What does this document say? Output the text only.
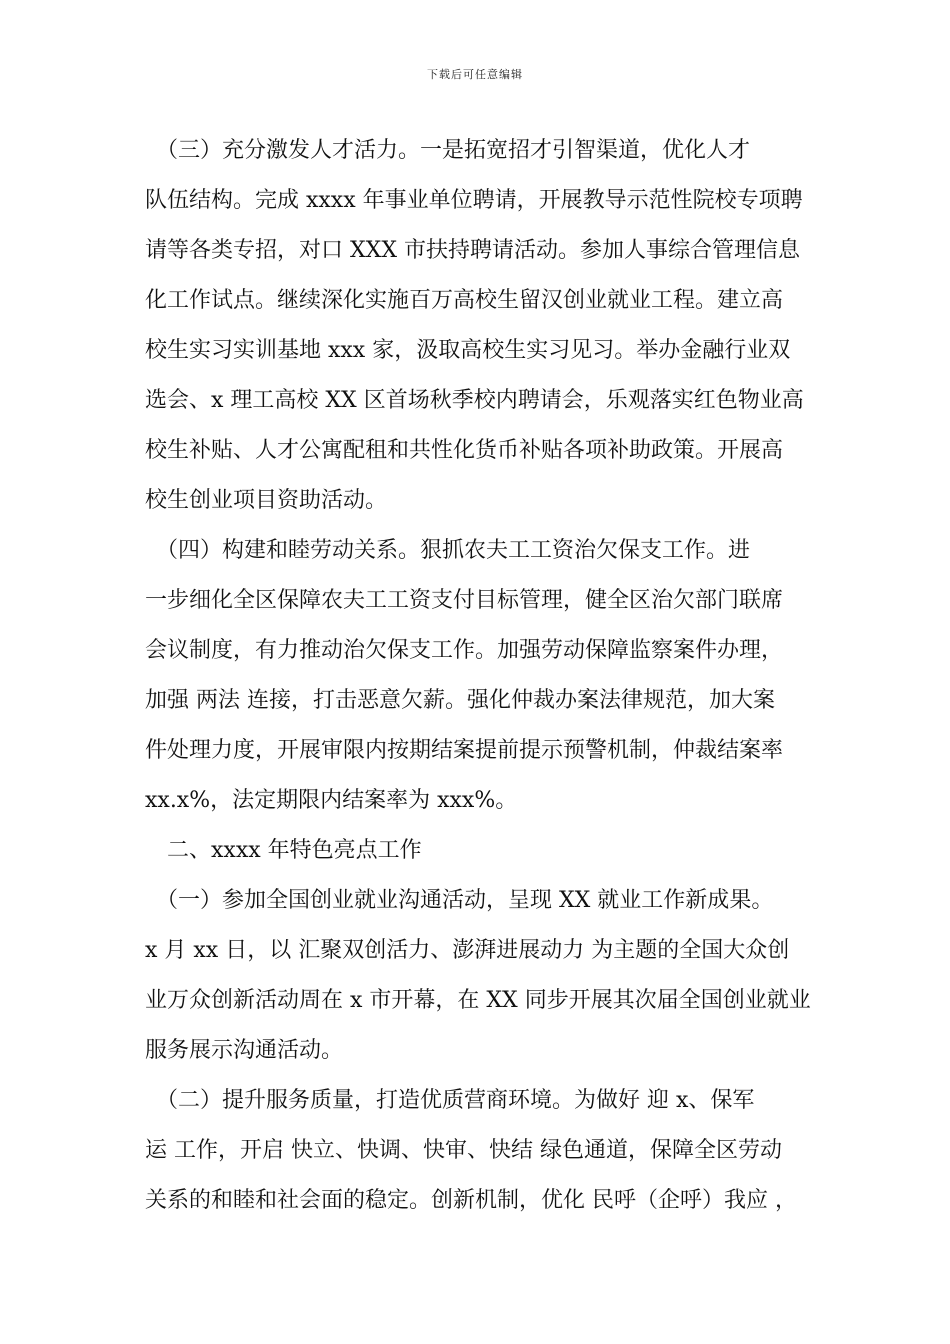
下载后可任意编辑
　（三）充分激发人才活力。一是拓宽招才引智渠道，优化人才
队伍结构。完成 xxxx 年事业单位聘请，开展教导示范性院校专项聘
请等各类专招，对口 XXX 市扶持聘请活动。参加人事综合管理信息
化工作试点。继续深化实施百万高校生留汉创业就业工程。建立高
校生实习实训基地 xxx 家，汲取高校生实习见习。举办金融行业双
选会、x 理工高校 XX 区首场秋季校内聘请会，乐观落实红色物业高
校生补贴、人才公寓配租和共性化货币补贴各项补助政策。开展高
校生创业项目资助活动。
　（四）构建和睦劳动关系。狠抓农夫工工资治欠保支工作。进
一步细化全区保障农夫工工资支付目标管理，健全区治欠部门联席
会议制度，有力推动治欠保支工作。加强劳动保障监察案件办理，
加强 两法 连接，打击恶意欠薪。强化仲裁办案法律规范，加大案
件处理力度，开展审限内按期结案提前提示预警机制，仲裁结案率
xx.x%，法定期限内结案率为 xxx%。
　二、xxxx 年特色亮点工作
　（一）参加全国创业就业沟通活动，呈现 XX 就业工作新成果。
x 月 xx 日，以 汇聚双创活力、澎湃进展动力 为主题的全国大众创
业万众创新活动周在 x 市开幕，在 XX 同步开展其次届全国创业就业
服务展示沟通活动。
　（二）提升服务质量，打造优质营商环境。为做好 迎 x、保军
运 工作，开启 快立、快调、快审、快结 绿色通道，保障全区劳动
关系的和睦和社会面的稳定。创新机制，优化 民呼（企呼）我应 ，
